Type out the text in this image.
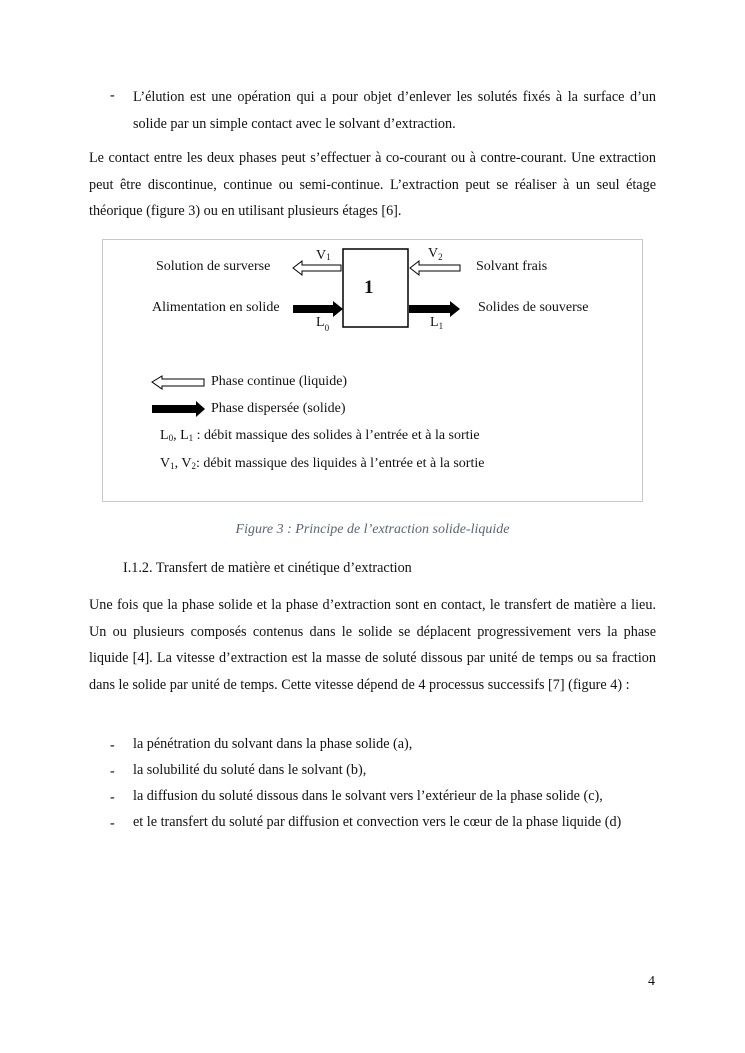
- L’élution est une opération qui a pour objet d’enlever les solutés fixés à la surface d’un solide par un simple contact avec le solvant d’extraction.
Le contact entre les deux phases peut s’effectuer à co-courant ou à contre-courant. Une extraction peut être discontinue, continue ou semi-continue. L’extraction peut se réaliser à un seul étage théorique (figure 3) ou en utilisant plusieurs étages [6].
1
Solution de surverse
Alimentation en solide
Solvant frais
Solides de souverse
V1	$V_2$
$L_0$	$L_1$
Phase continue (liquide)
Phase dispersée (solide)
L0, L1 : débit massique des solides à l’entrée et à la sortie
V1, V2: débit massique des liquides à l’entrée et à la sortie
Figure 3 : Principe de l’extraction solide-liquide
I.1.2. Transfert de matière et cinétique d’extraction
Une fois que la phase solide et la phase d’extraction sont en contact, le transfert de matière a lieu. Un ou plusieurs composés contenus dans le solide se déplacent progressivement vers la phase liquide [4]. La vitesse d’extraction est la masse de soluté dissous par unité de temps ou sa fraction dans le solide par unité de temps. Cette vitesse dépend de 4 processus successifs [7] (figure 4) :
- la pénétration du solvant dans la phase solide (a),
- la solubilité du soluté dans le solvant (b),
- la diffusion du soluté dissous dans le solvant vers l’extérieur de la phase solide (c),
- et le transfert du soluté par diffusion et convection vers le cœur de la phase liquide (d)
4
